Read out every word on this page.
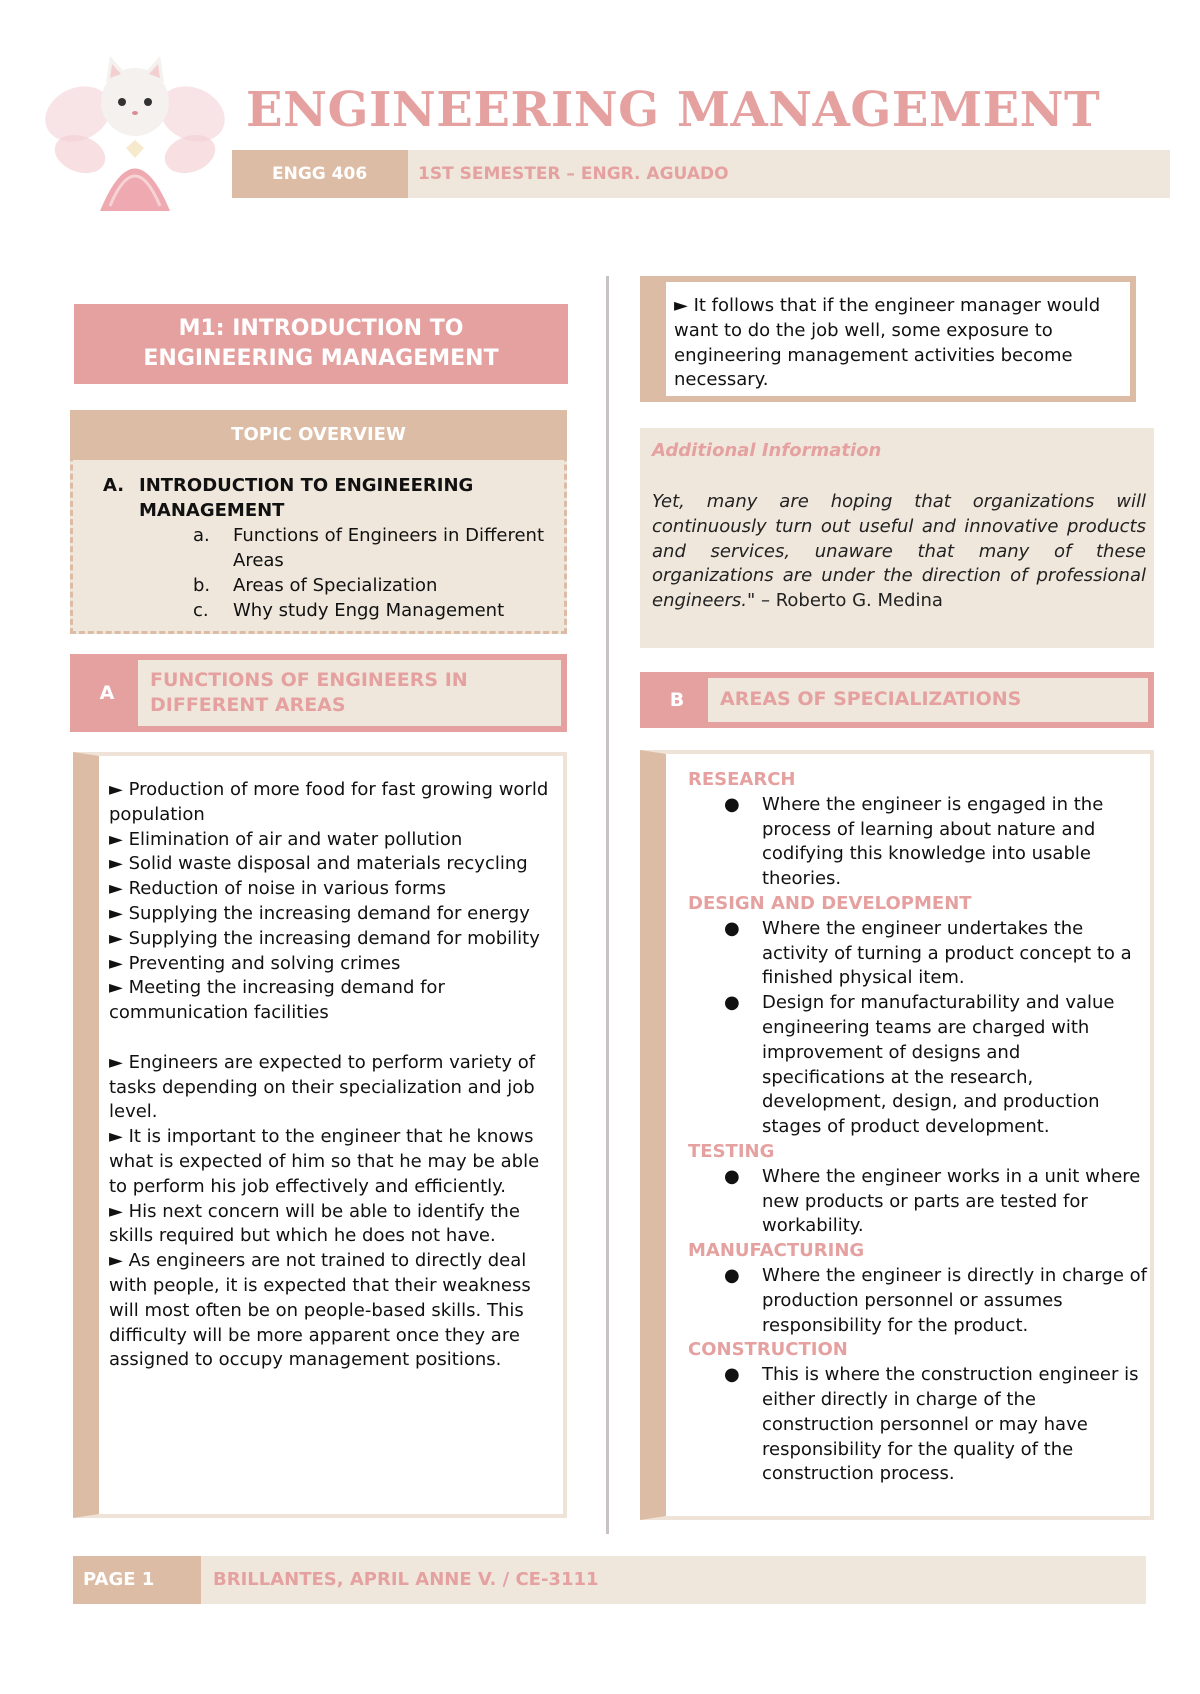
ENGINEERING MANAGEMENT
ENGG 406	1ST SEMESTER – ENGR. AGUADO
M1: INTRODUCTION TO
ENGINEERING MANAGEMENT
TOPIC OVERVIEW
A. INTRODUCTION TO ENGINEERING MANAGEMENT
a. Functions of Engineers in Different Areas
b. Areas of Specialization
c. Why study Engg Management
A
FUNCTIONS OF ENGINEERS IN
DIFFERENT AREAS

► Production of more food for fast growing world population

► Elimination of air and water pollution

► Solid waste disposal and materials recycling

► Reduction of noise in various forms

► Supplying the increasing demand for energy

► Supplying the increasing demand for mobility

► Preventing and solving crimes

► Meeting the increasing demand for communication facilities

► Engineers are expected to perform variety of tasks depending on their specialization and job level.

► It is important to the engineer that he knows what is expected of him so that he may be able to perform his job effectively and efficiently.

► His next concern will be able to identify the skills required but which he does not have.

► As engineers are not trained to directly deal with people, it is expected that their weakness will most often be on people-based skills. This difficulty will be more apparent once they are assigned to occupy management positions.

► It follows that if the engineer manager would want to do the job well, some exposure to engineering management activities become necessary.

Additional Information
Yet, many are hoping that organizations will continuously turn out useful and innovative products and services, unaware that many of these organizations are under the direction of professional engineers." – Roberto G. Medina
B	AREAS OF SPECIALIZATIONS
RESEARCH
● Where the engineer is engaged in the process of learning about nature and codifying this knowledge into usable theories.
DESIGN AND DEVELOPMENT
● Where the engineer undertakes the activity of turning a product concept to a finished physical item.
● Design for manufacturability and value engineering teams are charged with improvement of designs and specifications at the research, development, design, and production stages of product development.
TESTING
● Where the engineer works in a unit where new products or parts are tested for workability.
MANUFACTURING
● Where the engineer is directly in charge of production personnel or assumes responsibility for the product.
CONSTRUCTION
● This is where the construction engineer is either directly in charge of the construction personnel or may have responsibility for the quality of the construction process.
PAGE 1	BRILLANTES, APRIL ANNE V. / CE-3111
